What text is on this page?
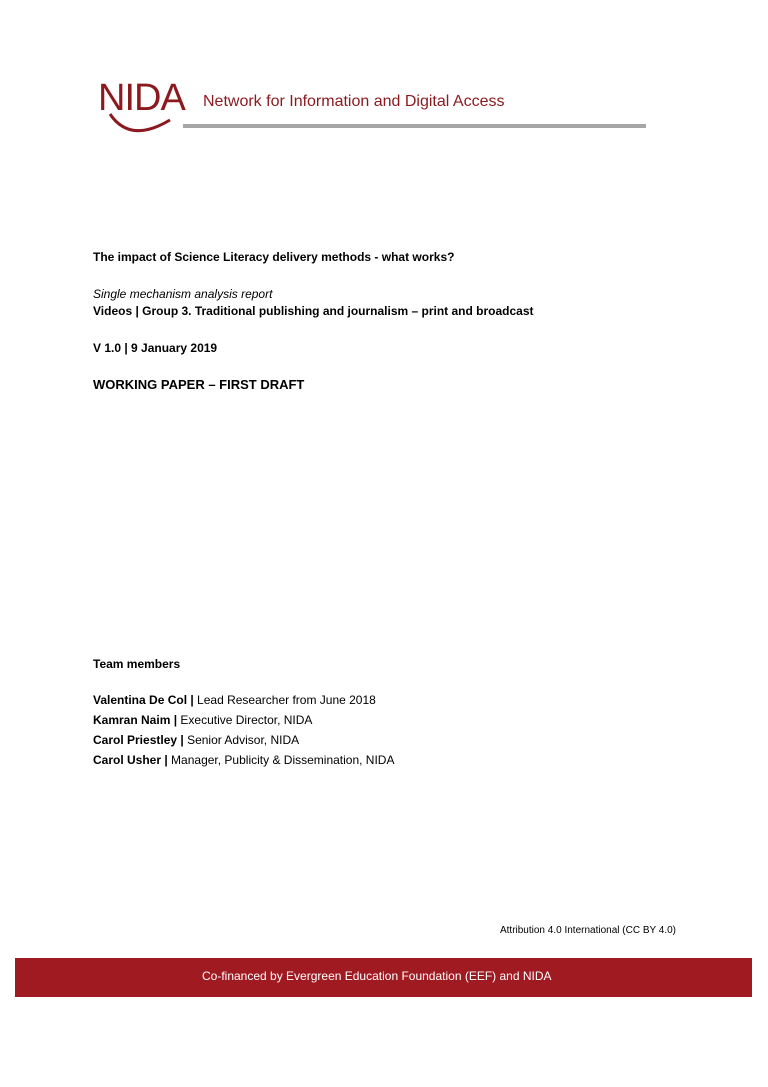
NIDA Network for Information and Digital Access
The impact of Science Literacy delivery methods - what works?
Single mechanism analysis report
Videos | Group 3. Traditional publishing and journalism – print and broadcast
V 1.0 | 9 January 2019
WORKING PAPER – FIRST DRAFT
Team members
Valentina De Col | Lead Researcher from June 2018
Kamran Naim | Executive Director, NIDA
Carol Priestley | Senior Advisor, NIDA
Carol Usher | Manager, Publicity & Dissemination, NIDA
Attribution 4.0 International (CC BY 4.0)
Co-financed by Evergreen Education Foundation (EEF) and NIDA
